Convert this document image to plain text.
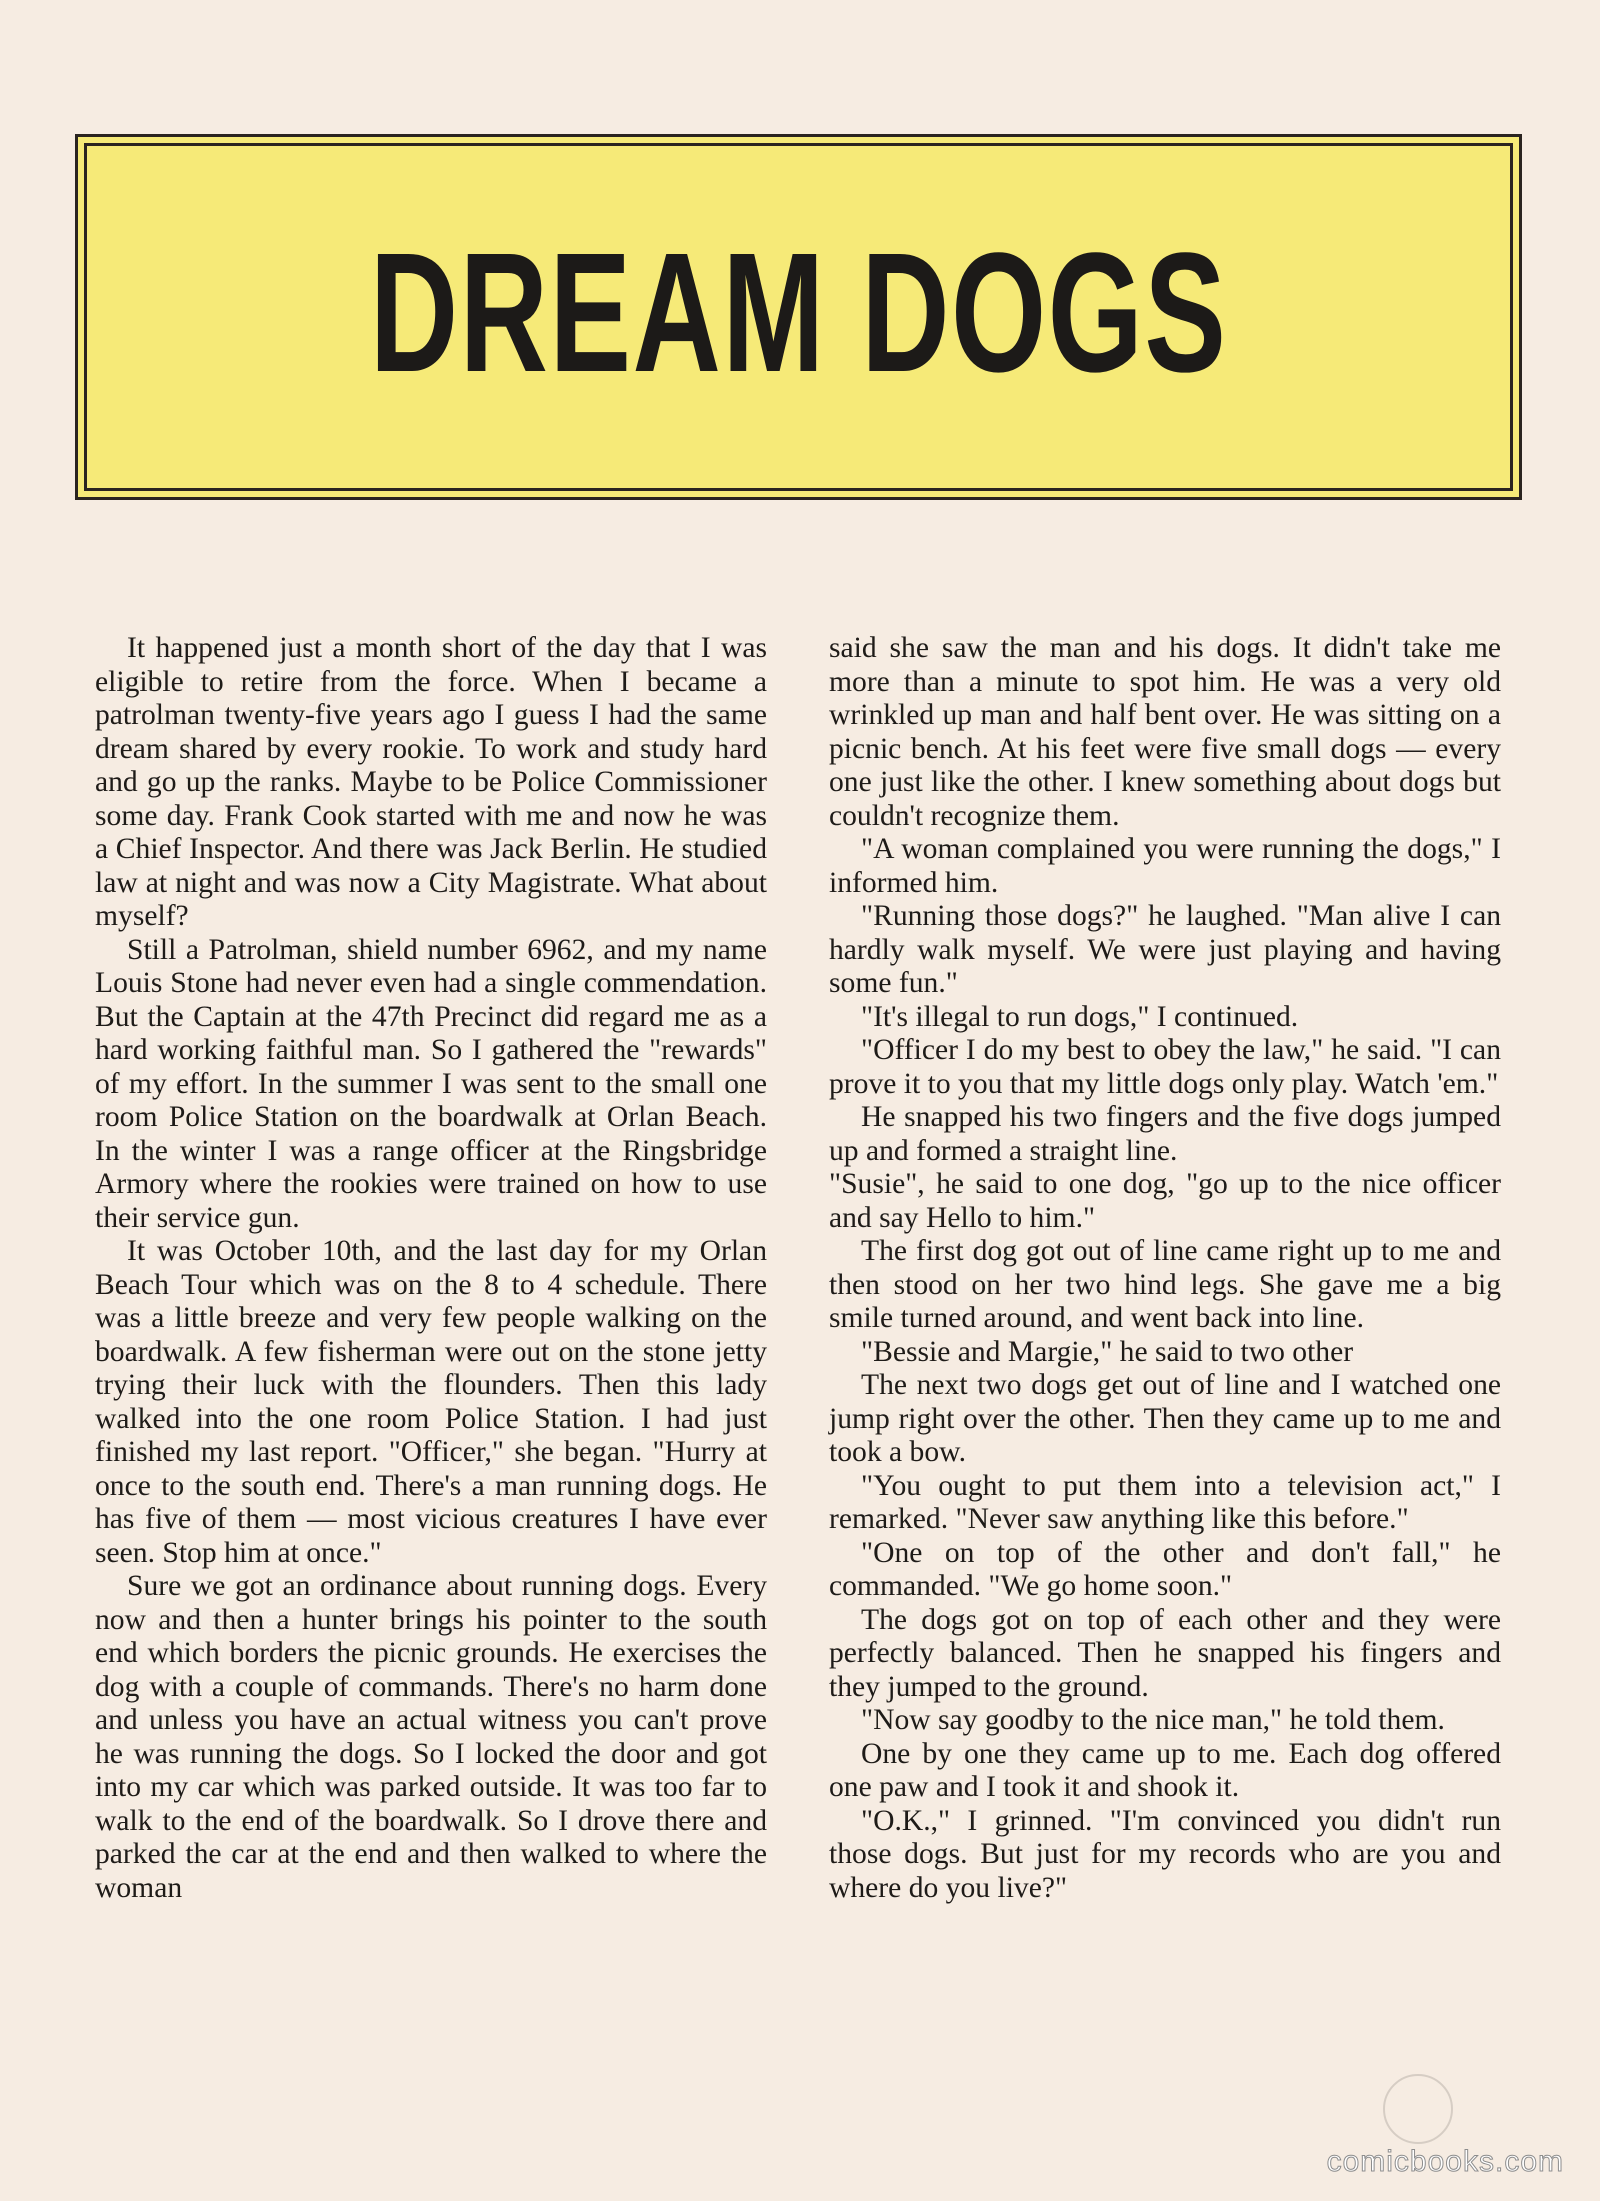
DREAM DOGS

It happened just a month short of the day that I was eligible to retire from the force. When I became a patrolman twenty-five years ago I guess I had the same dream shared by every rookie. To work and study hard and go up the ranks. Maybe to be Police Commissioner some day. Frank Cook started with me and now he was a Chief Inspector. And there was Jack Berlin. He studied law at night and was now a City Magistrate. What about myself?

Still a Patrolman, shield number 6962, and my name Louis Stone had never even had a single commendation. But the Captain at the 47th Precinct did regard me as a hard working faithful man. So I gathered the "rewards" of my effort. In the summer I was sent to the small one room Police Station on the boardwalk at Orlan Beach. In the winter I was a range officer at the Ringsbridge Armory where the rookies were trained on how to use their service gun.

It was October 10th, and the last day for my Orlan Beach Tour which was on the 8 to 4 schedule. There was a little breeze and very few people walking on the boardwalk. A few fisherman were out on the stone jetty trying their luck with the flounders. Then this lady walked into the one room Police Station. I had just finished my last report. "Officer," she began. "Hurry at once to the south end. There's a man running dogs. He has five of them — most vicious creatures I have ever seen. Stop him at once."

Sure we got an ordinance about running dogs. Every now and then a hunter brings his pointer to the south end which borders the picnic grounds. He exercises the dog with a couple of commands. There's no harm done and unless you have an actual witness you can't prove he was running the dogs. So I locked the door and got into my car which was parked outside. It was too far to walk to the end of the boardwalk. So I drove there and parked the car at the end and then walked to where the woman

said she saw the man and his dogs. It didn't take me more than a minute to spot him. He was a very old wrinkled up man and half bent over. He was sitting on a picnic bench. At his feet were five small dogs — every one just like the other. I knew something about dogs but couldn't recognize them.

"A woman complained you were running the dogs," I informed him.

"Running those dogs?" he laughed. "Man alive I can hardly walk myself. We were just playing and having some fun."

"It's illegal to run dogs," I continued.

"Officer I do my best to obey the law," he said. "I can prove it to you that my little dogs only play. Watch 'em."

He snapped his two fingers and the five dogs jumped up and formed a straight line.

"Susie", he said to one dog, "go up to the nice officer and say Hello to him."

The first dog got out of line came right up to me and then stood on her two hind legs. She gave me a big smile turned around, and went back into line.

"Bessie and Margie," he said to two other

The next two dogs get out of line and I watched one jump right over the other. Then they came up to me and took a bow.

"You ought to put them into a television act," I remarked. "Never saw anything like this before."

"One on top of the other and don't fall," he commanded. "We go home soon."

The dogs got on top of each other and they were perfectly balanced. Then he snapped his fingers and they jumped to the ground.

"Now say goodby to the nice man," he told them.

One by one they came up to me. Each dog offered one paw and I took it and shook it.

"O.K.," I grinned. "I'm convinced you didn't run those dogs. But just for my records who are you and where do you live?"

comicbooks.com
